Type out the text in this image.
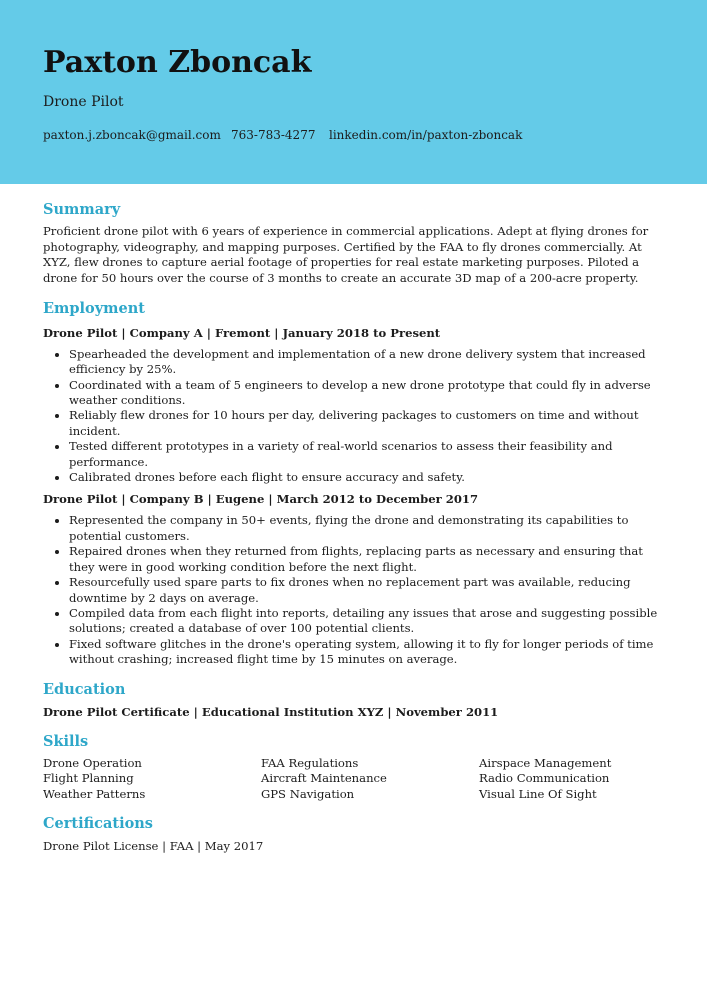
Paxton Zboncak
Drone Pilot
paxton.j.zboncak@gmail.com 763-783-4277	linkedin.com/in/paxton-zboncak
Summary

Proficient drone pilot with 6 years of experience in commercial applications. Adept at flying drones for photography, videography, and mapping purposes. Certified by the FAA to fly drones commercially. At XYZ, flew drones to capture aerial footage of properties for real estate marketing purposes. Piloted a drone for 50 hours over the course of 3 months to create an accurate 3D map of a 200-acre property.

Employment
Drone Pilot | Company A | Fremont | January 2018 to Present
• Spearheaded the development and implementation of a new drone delivery system that increased efficiency by 25%.
• Coordinated with a team of 5 engineers to develop a new drone prototype that could fly in adverse weather conditions.
• Reliably flew drones for 10 hours per day, delivering packages to customers on time and without incident.
• Tested different prototypes in a variety of real-world scenarios to assess their feasibility and performance.
• Calibrated drones before each flight to ensure accuracy and safety.
Drone Pilot | Company B | Eugene | March 2012 to December 2017
• Represented the company in 50+ events, flying the drone and demonstrating its capabilities to potential customers.
• Repaired drones when they returned from flights, replacing parts as necessary and ensuring that they were in good working condition before the next flight.
• Resourcefully used spare parts to fix drones when no replacement part was available, reducing downtime by 2 days on average.
• Compiled data from each flight into reports, detailing any issues that arose and suggesting possible solutions; created a database of over 100 potential clients.
• Fixed software glitches in the drone's operating system, allowing it to fly for longer periods of time without crashing; increased flight time by 15 minutes on average.
Education
Drone Pilot Certificate | Educational Institution XYZ | November 2011
Skills
Drone Operation	FAA Regulations	Airspace Management
Flight Planning	Aircraft Maintenance	Radio Communication
Weather Patterns	GPS Navigation	Visual Line Of Sight
Certifications
Drone Pilot License | FAA | May 2017
